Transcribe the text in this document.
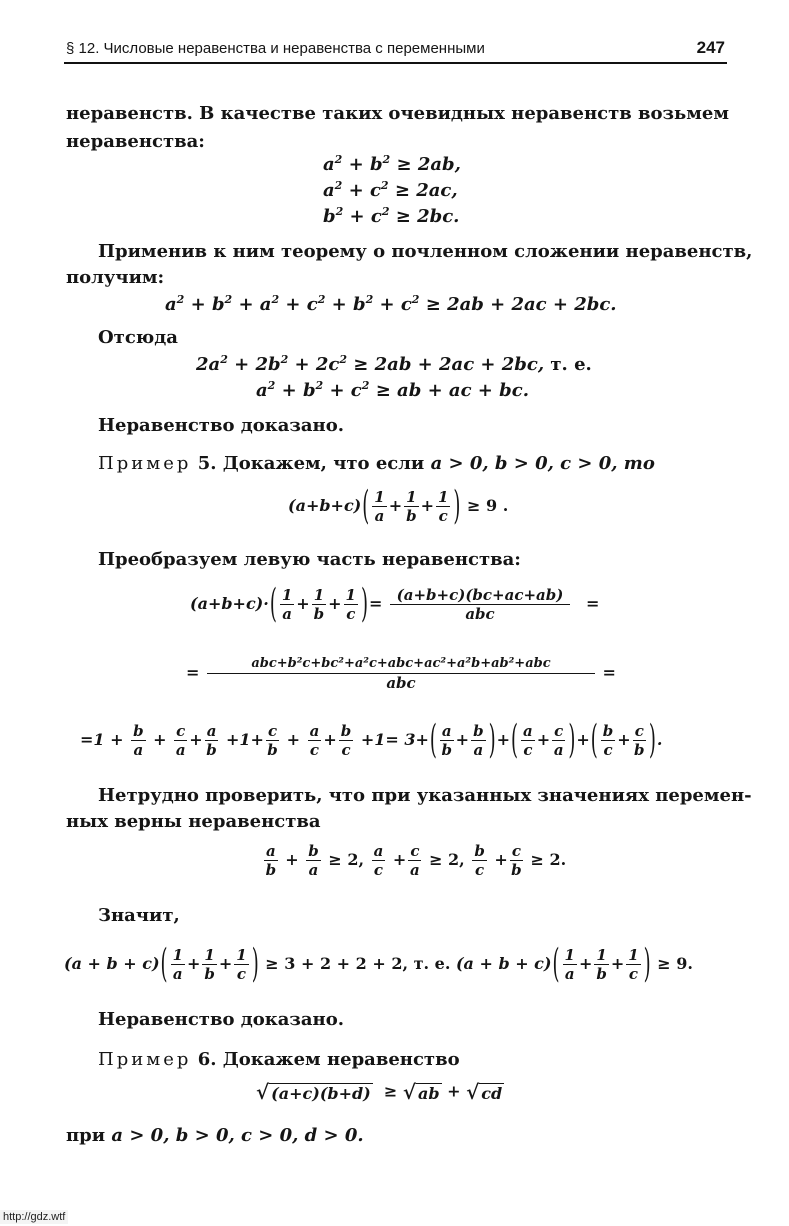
§ 12. Числовые неравенства и неравенства с переменными	247
неравенств. В качестве таких очевидных неравенств возьмем
неравенства:
$a^2 + b^2 \ge 2ab$,
$a^2 + c^2 \ge 2ac$,
$b^2 + c^2 \ge 2bc$.
Применив к ним теорему о почленном сложении неравенств,
получим:
$a^2 + b^2 + a^2 + c^2 + b^2 + c^2 \ge 2ab + 2ac + 2bc$.
Отсюда
$2a^2 + 2b^2 + 2c^2 \ge 2ab + 2ac + 2bc$, т. е.
$a^2 + b^2 + c^2$ ≥ ab + ac + bc.
Неравенство доказано.
Пример 5. Докажем, что если a > 0, b > 0, c > 0, то
$(a+b+c)( \frac{1}{a} + \frac{1}{b} + \frac{1}{c}$ ) ≥ 9 .
Преобразуем левую часть неравенства:
$(a+b+c)\cdot( \frac{1}{a} + \frac{1}{b} + \frac{1}{c}$ )= $\frac{(a+b+c)(bc+ac+ab)}{\text{abc}}$ =
= $\frac{\text{abc+b²c+bc²+a²c+abc+ac²+a²b+ab²+abc}}{\text{abc}}$ =
$=1 + \frac{b}{a} + \frac{c}{a} + \frac{a}{b} +1+ \frac{c}{b} + \frac{a}{c} + \frac{b}{c} +1= 3+( \frac{a}{b} + \frac{b}{a}$ )+( $\frac{a}{c} + \frac{c}{a}$ )+( $\frac{b}{c} + \frac{c}{b}$ ).
Нетрудно проверить, что при указанных значениях перемен-
ных верны неравенства
$\frac{a}{b} + \frac{b}{a} \ge 2$, $\frac{a}{c} + \frac{c}{a} \ge 2$, $\frac{b}{c} + \frac{c}{b} \ge 2$.
Значит,
$(a + b + c)( \frac{1}{a} + \frac{1}{b} + \frac{1}{c}$ ) ≥ 3 + 2 + 2 + 2, т. е. $(a + b + c)( \frac{1}{a} + \frac{1}{b} + \frac{1}{c}$ ) ≥ 9.
Неравенство доказано.
Пример 6. Докажем неравенство
√ (a+c)(b+d)  ≥ √ ab + √ cd
при a > 0, b > 0, c > 0, d > 0.
http://gdz.wtf
